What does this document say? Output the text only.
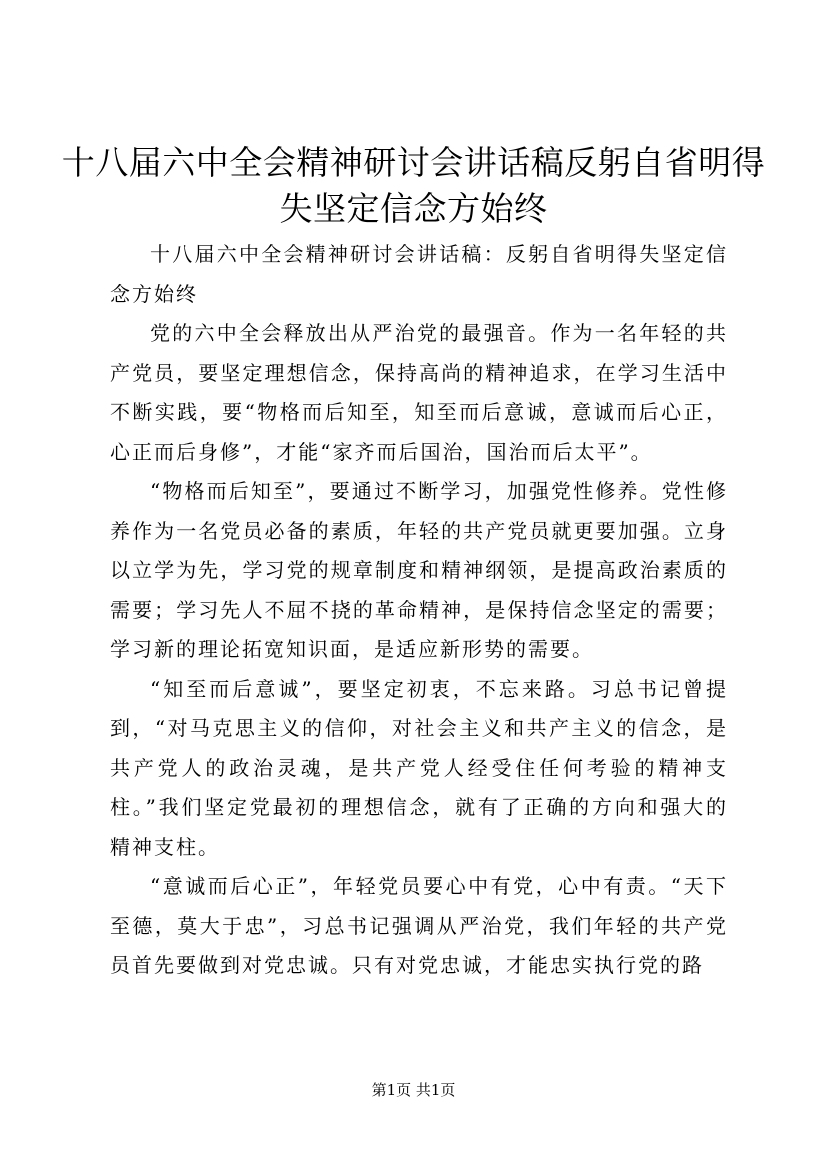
十八届六中全会精神研讨会讲话稿反躬自省明得失坚定信念方始终

十八届六中全会精神研讨会讲话稿：反躬自省明得失坚定信念方始终

党的六中全会释放出从严治党的最强音。作为一名年轻的共产党员，要坚定理想信念，保持高尚的精神追求，在学习生活中不断实践，要“物格而后知至，知至而后意诚，意诚而后心正，心正而后身修”，才能“家齐而后国治，国治而后太平”。

“物格而后知至”，要通过不断学习，加强党性修养。党性修养作为一名党员必备的素质，年轻的共产党员就更要加强。立身以立学为先，学习党的规章制度和精神纲领，是提高政治素质的需要；学习先人不屈不挠的革命精神，是保持信念坚定的需要；学习新的理论拓宽知识面，是适应新形势的需要。

“知至而后意诚”，要坚定初衷，不忘来路。习总书记曾提到，“对马克思主义的信仰，对社会主义和共产主义的信念，是共产党人的政治灵魂，是共产党人经受住任何考验的精神支柱。”我们坚定党最初的理想信念，就有了正确的方向和强大的精神支柱。

“意诚而后心正”，年轻党员要心中有党，心中有责。“天下至德，莫大于忠”，习总书记强调从严治党，我们年轻的共产党员首先要做到对党忠诚。只有对党忠诚，才能忠实执行党的路

第1页 共1页
